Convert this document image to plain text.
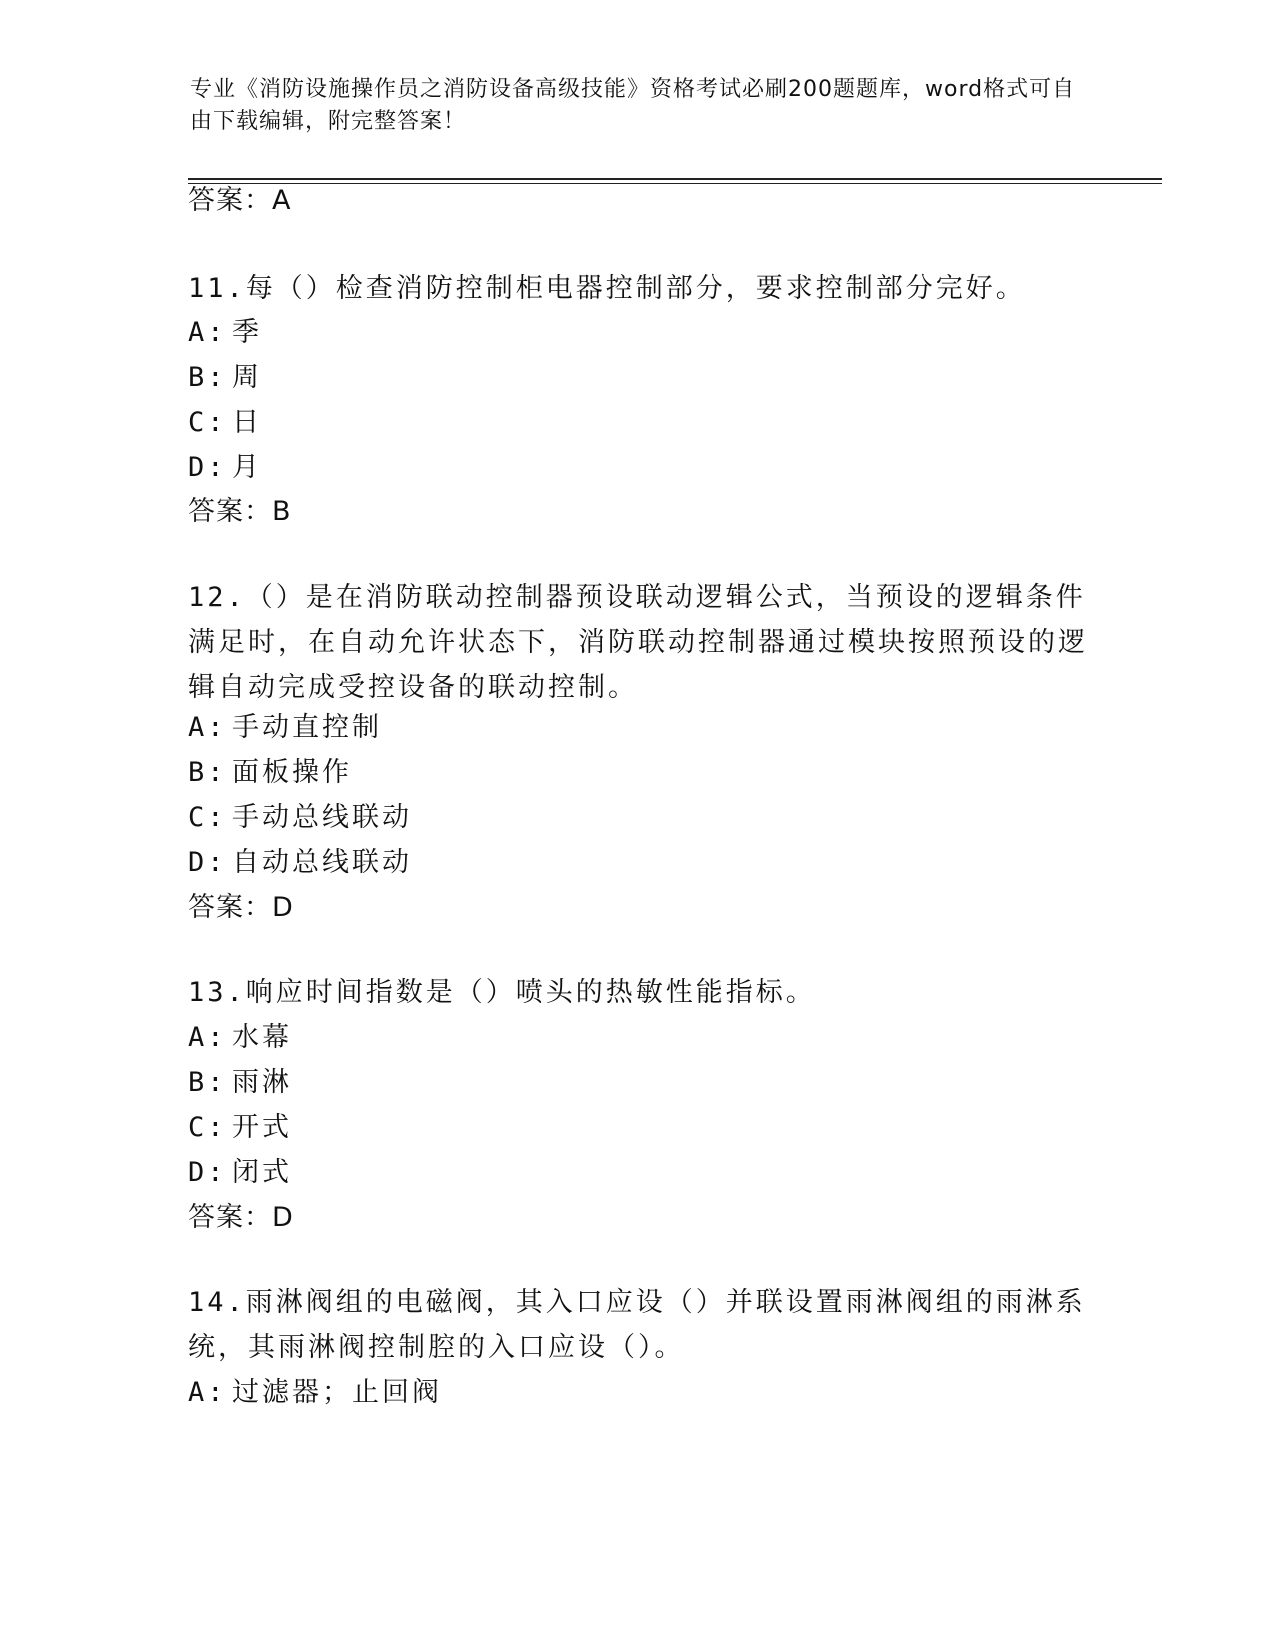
专业《消防设施操作员之消防设备高级技能》资格考试必刷200题题库，word格式可自由下载编辑，附完整答案！
答案：A
11.每（）检查消防控制柜电器控制部分，要求控制部分完好。
A: 季
B: 周
C: 日
D: 月
答案：B
12.（）是在消防联动控制器预设联动逻辑公式，当预设的逻辑条件满足时，在自动允许状态下，消防联动控制器通过模块按照预设的逻辑自动完成受控设备的联动控制。
A: 手动直控制
B: 面板操作
C: 手动总线联动
D: 自动总线联动
答案：D
13.响应时间指数是（）喷头的热敏性能指标。
A: 水幕
B: 雨淋
C: 开式
D: 闭式
答案：D
14.雨淋阀组的电磁阀，其入口应设（）并联设置雨淋阀组的雨淋系统，其雨淋阀控制腔的入口应设（）。
A: 过滤器；止回阀
